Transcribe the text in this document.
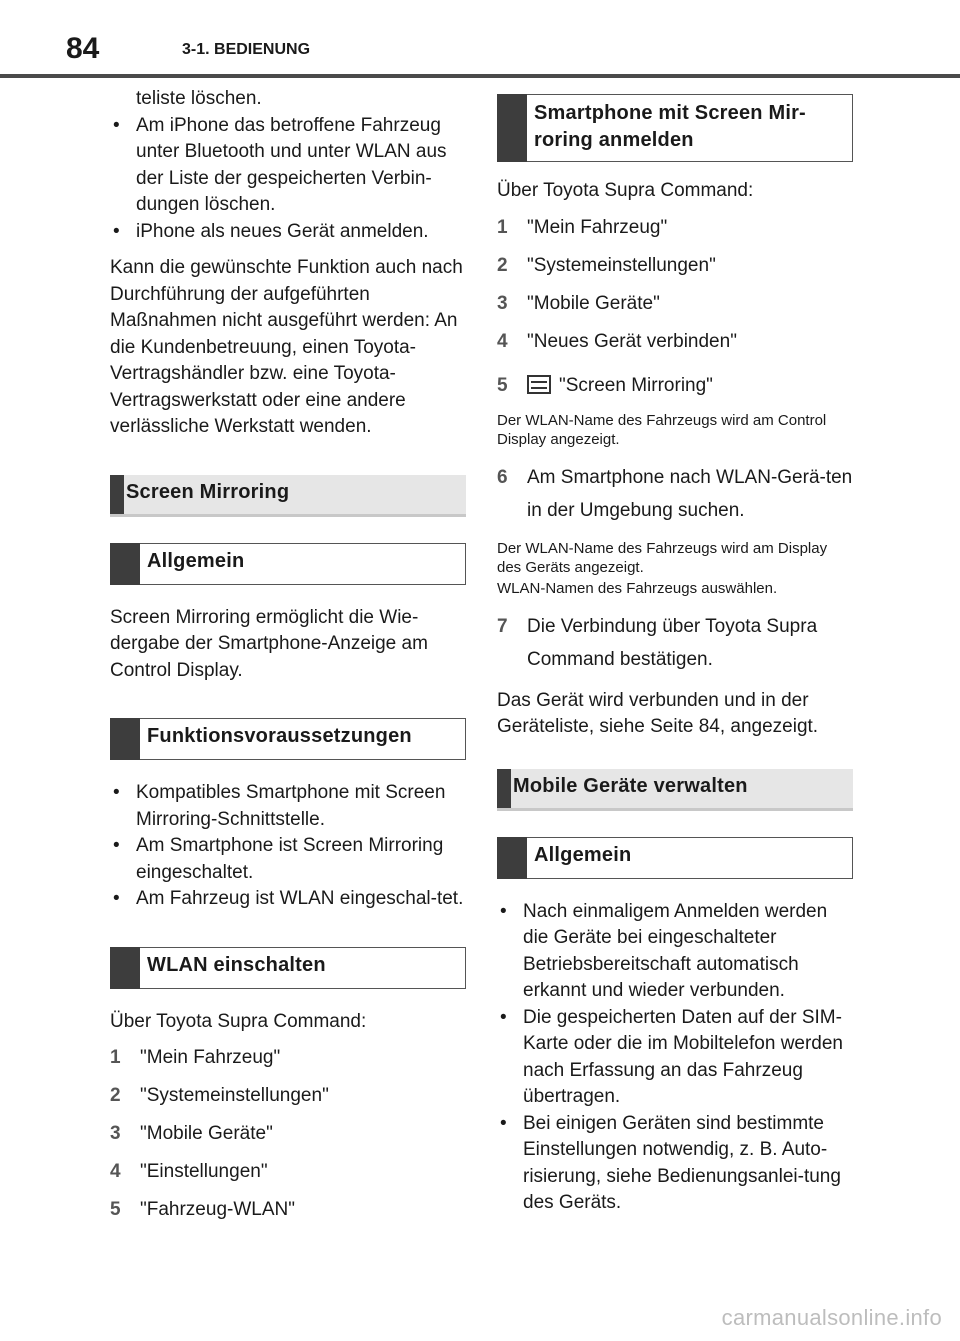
84	3-1. BEDIENUNG
teliste löschen.
• Am iPhone das betroffene Fahrzeug unter Bluetooth und unter WLAN aus der Liste der gespeicherten Verbin-dungen löschen.
• iPhone als neues Gerät anmelden.

Kann die gewünschte Funktion auch nach Durchführung der aufgeführten Maßnahmen nicht ausgeführt werden: An die Kundenbetreuung, einen Toyota-Vertragshändler bzw. eine Toyota-Vertragswerkstatt oder eine andere verlässliche Werkstatt wenden.

Screen Mirroring
Allgemein

Screen Mirroring ermöglicht die Wie-dergabe der Smartphone-Anzeige am Control Display.

Funktionsvoraussetzungen
• Kompatibles Smartphone mit Screen Mirroring-Schnittstelle.
• Am Smartphone ist Screen Mirroring eingeschaltet.
• Am Fahrzeug ist WLAN eingeschal-tet.
WLAN einschalten

Über Toyota Supra Command:

1 "Mein Fahrzeug"
2 "Systemeinstellungen"
3 "Mobile Geräte"
4 "Einstellungen"
5 "Fahrzeug-WLAN"
Smartphone mit Screen Mir-roring anmelden

Über Toyota Supra Command:

1 "Mein Fahrzeug"
2 "Systemeinstellungen"
3 "Mobile Geräte"
4 "Neues Gerät verbinden"
5	"Screen Mirroring"

Der WLAN-Name des Fahrzeugs wird am Control Display angezeigt.

6 Am Smartphone nach WLAN-Gerä-ten in der Umgebung suchen.

Der WLAN-Name des Fahrzeugs wird am Display des Geräts angezeigt.

WLAN-Namen des Fahrzeugs auswählen.

7 Die Verbindung über Toyota Supra Command bestätigen.

Das Gerät wird verbunden und in der Geräteliste, siehe Seite 84, angezeigt.

Mobile Geräte verwalten
Allgemein
• Nach einmaligem Anmelden werden die Geräte bei eingeschalteter Betriebsbereitschaft automatisch erkannt und wieder verbunden.
• Die gespeicherten Daten auf der SIM-Karte oder die im Mobiltelefon werden nach Erfassung an das Fahrzeug übertragen.
• Bei einigen Geräten sind bestimmte Einstellungen notwendig, z. B. Auto-risierung, siehe Bedienungsanlei-tung des Geräts.
carmanualsonline.info
